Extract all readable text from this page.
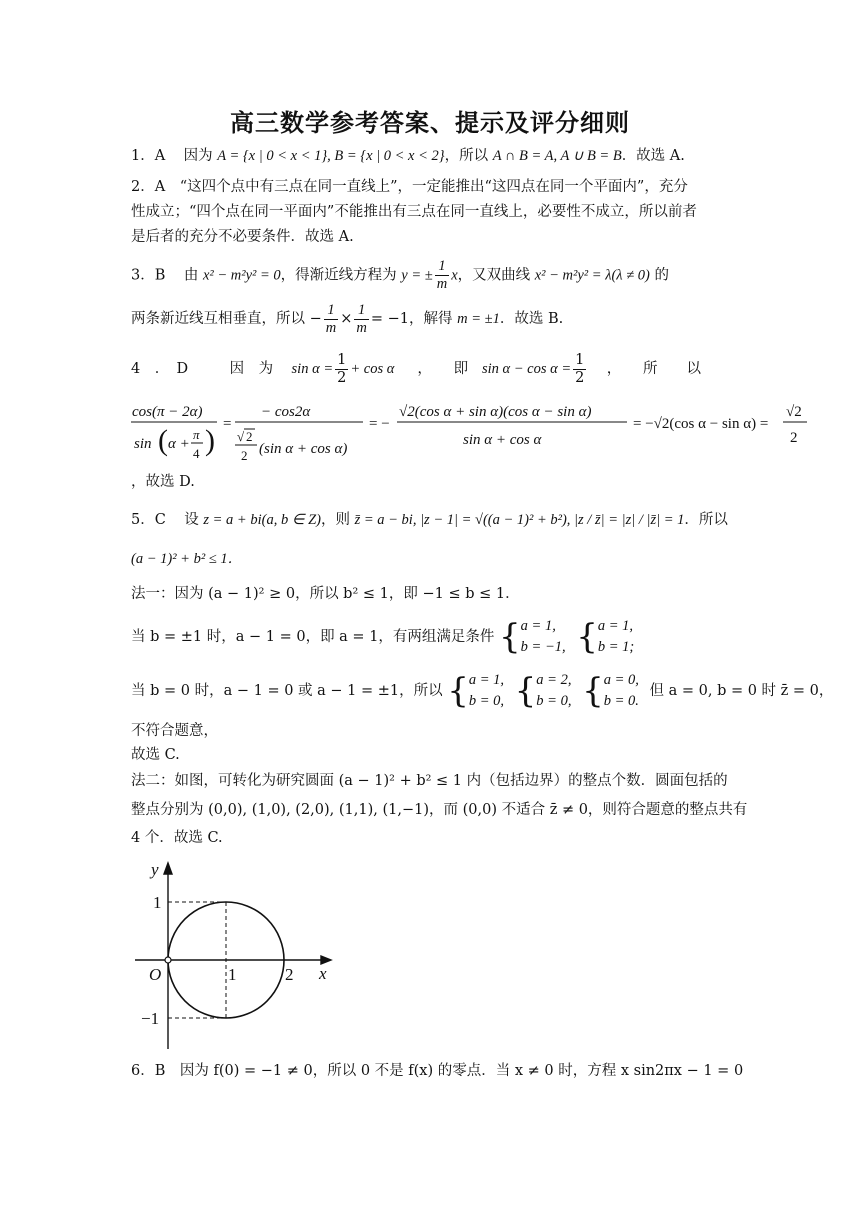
高三数学参考答案、提示及评分细则
1．A 因为 A = {x | 0 < x < 1}, B = {x | 0 < x < 2}，所以 A ∩ B = A, A ∪ B = B．故选 A.
2．A　“这四个点中有三点在同一直线上”，一定能推出“这四点在同一个平面内”，充分
性成立；“四个点在同一平面内”不能推出有三点在同一直线上，必要性不成立，所以前者
是后者的充分不必要条件．故选 A.
3．B 由 x² − m²y² = 0，得渐近线方程为 y = ± $\frac{1}{m}$ x，又双曲线 x² − m²y² = λ(λ ≠ 0) 的
两条新近线互相垂直，所以 − $\frac{1}{m} \times \frac{1}{m} = -1$，解得 m = ±1．故选 B.
4　．　D	因　为 $\sin \alpha = \frac{1}{2} + \cos \alpha$ ，　　即 $\sin \alpha - \cos \alpha = \frac{1}{2}$ ，　　所　　以
cos(π − 2α)
sin ( α +
π
4 ) =
− cos2α
√ 2
2 (sin α + cos α)
= −
√2(cos α + sin α)(cos α − sin α)
sin α + cos α
= −√2(cos α − sin α) =
√2
2
，故选 D.
5．C 设 z = a + bi(a, b ∈ Z)，则 z̄ = a − bi, |z − 1| = √((a − 1)² + b²), |z / z̄| = |z| / |z̄| = 1．所以
(a − 1)² + b² ≤ 1．
法一：因为 (a − 1)² ≥ 0，所以 b² ≤ 1，即 −1 ≤ b ≤ 1．
当 b = ±1 时，a − 1 = 0，即 a = 1，有两组满足条件 { a = 1,
b = −1, { a = 1,
b = 1;
当 b = 0 时，a − 1 = 0 或 a − 1 = ±1，所以 { a = 1,
b = 0, { a = 2,
b = 0, { a = 0,
b = 0.
但 a = 0, b = 0 时 z̄ = 0，
不符合题意，
故选 C.
法二：如图，可转化为研究圆面 (a − 1)² + b² ≤ 1 内（包括边界）的整点个数．圆面包括的
整点分别为 (0,0), (1,0), (2,0), (1,1), (1,−1)，而 (0,0) 不适合 z̄ ≠ 0，则符合题意的整点共有
4 个．故选 C.
y
x
O
1
−1
1	2
6．B　因为 f(0) = −1 ≠ 0，所以 0 不是 f(x) 的零点．当 x ≠ 0 时，方程 x sin2πx − 1 = 0
